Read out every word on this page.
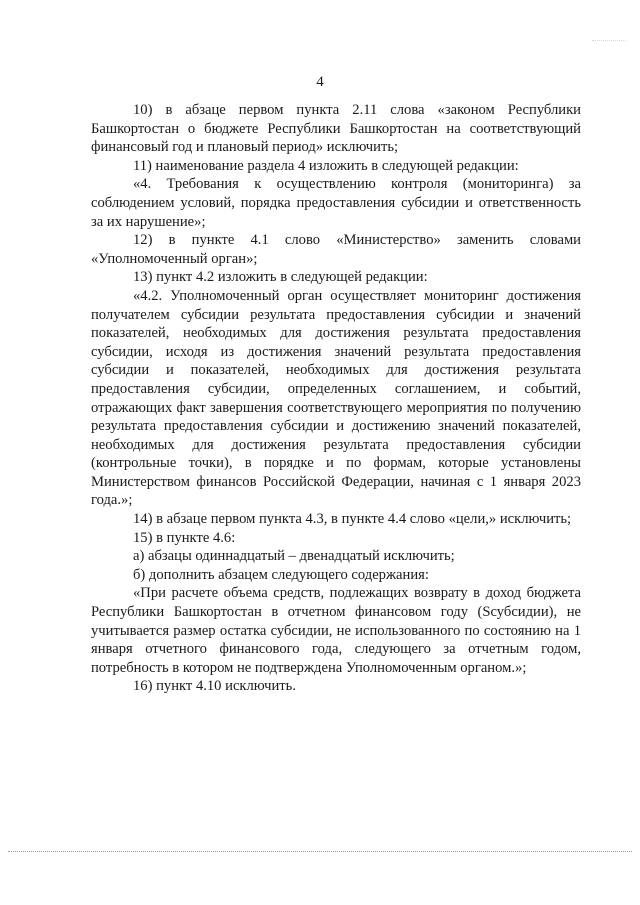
4

10) в абзаце первом пункта 2.11 слова «законом Республики Башкортостан о бюджете Республики Башкортостан на соответствующий финансовый год и плановый период» исключить;

11) наименование раздела 4 изложить в следующей редакции:

«4. Требования к осуществлению контроля (мониторинга) за соблюдением условий, порядка предоставления субсидии и ответственность за их нарушение»;

12) в пункте 4.1 слово «Министерство» заменить словами «Уполномоченный орган»;

13) пункт 4.2 изложить в следующей редакции:

«4.2. Уполномоченный орган осуществляет мониторинг достижения получателем субсидии результата предоставления субсидии и значений показателей, необходимых для достижения результата предоставления субсидии, исходя из достижения значений результата предоставления субсидии и показателей, необходимых для достижения результата предоставления субсидии, определенных соглашением, и событий, отражающих факт завершения соответствующего мероприятия по получению результата предоставления субсидии и достижению значений показателей, необходимых для достижения результата предоставления субсидии (контрольные точки), в порядке и по формам, которые установлены Министерством финансов Российской Федерации, начиная с 1 января 2023 года.»;

14) в абзаце первом пункта 4.3, в пункте 4.4 слово «цели,» исключить;

15) в пункте 4.6:

а) абзацы одиннадцатый – двенадцатый исключить;

б) дополнить абзацем следующего содержания:

«При расчете объема средств, подлежащих возврату в доход бюджета Республики Башкортостан в отчетном финансовом году (Sсубсидии), не учитывается размер остатка субсидии, не использованного по состоянию на 1 января отчетного финансового года, следующего за отчетным годом, потребность в котором не подтверждена Уполномоченным органом.»;

16) пункт 4.10 исключить.
